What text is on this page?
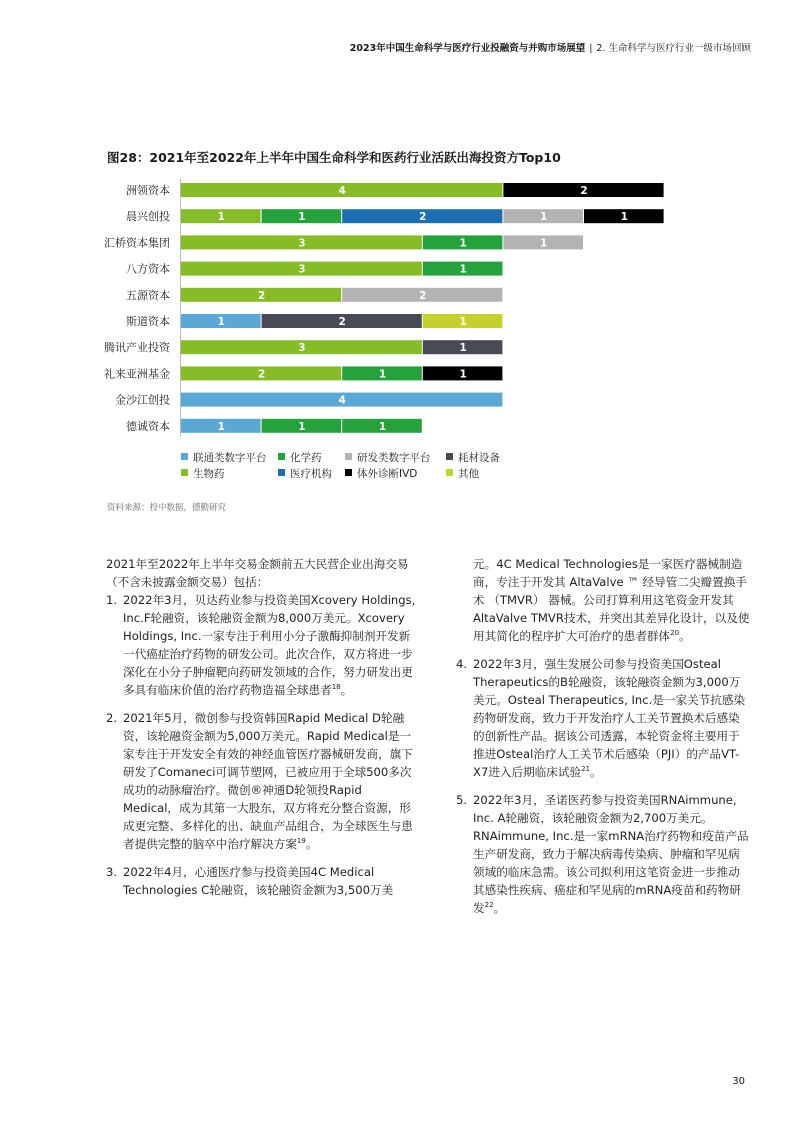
2023年中国生命科学与医疗行业投融资与并购市场展望 | 2. 生命科学与医疗行业一级市场回顾
图28：2021年至2022年上半年中国生命科学和医药行业活跃出海投资方Top10
洲领资本	4	2
晨兴创投	1	1	2	1	1
汇桥资本集团	3	1	1
八方资本	3	1
五源资本	2	2
斯道资本	1	2	1
腾讯产业投资	3	1
礼来亚洲基金	2	1	1
金沙江创投	4
德诚资本	1	1	1
联通类数字平台 化学药	研发类数字平台	耗材设备
生物药	医疗机构 体外诊断IVD	其他
资料来源：投中数据，德勤研究

2021年至2022年上半年交易金额前五大民营企业出海交易（不含未披露金额交易）包括：

1. 2022年3月，贝达药业参与投资美国Xcovery Holdings, Inc.F轮融资，该轮融资金额为8,000万美元。Xcovery Holdings, Inc.一家专注于利用小分子激酶抑制剂开发新一代癌症治疗药物的研发公司。此次合作，双方将进一步深化在小分子肿瘤靶向药研发领域的合作，努力研发出更多具有临床价值的治疗药物造福全球患者$^{18}$。
2. 2021年5月，微创参与投资韩国Rapid Medical D轮融资，该轮融资金额为5,000万美元。Rapid Medical是一家专注于开发安全有效的神经血管医疗器械研发商，旗下研发了Comaneci可调节塑网，已被应用于全球500多次成功的动脉瘤治疗。微创®神通D轮领投Rapid Medical，成为其第一大股东，双方将充分整合资源，形成更完整、多样化的出、缺血产品组合，为全球医生与患者提供完整的脑卒中治疗解决方案$^{19}$。
3. 2022年4月，心通医疗参与投资美国4C Medical Technologies C轮融资，该轮融资金额为3,500万美
元。4C Medical Technologies是一家医疗器械制造商，专注于开发其 AltaValve ™ 经导管二尖瓣置换手术 （TMVR） 器械。公司打算利用这笔资金开发其AltaValve TMVR技术，并突出其差异化设计，以及使用其简化的程序扩大可治疗的患者群体$^{20}$。
4. 2022年3月，强生发展公司参与投资美国Osteal Therapeutics的B轮融资，该轮融资金额为3,000万美元。Osteal Therapeutics, Inc.是一家关节抗感染药物研发商，致力于开发治疗人工关节置换术后感染的创新性产品。据该公司透露，本轮资金将主要用于推进Osteal治疗人工关节术后感染（PJI）的产品VT-X7进入后期临床试验$^{21}$。
5. 2022年3月，圣诺医药参与投资美国RNAimmune, Inc. A轮融资，该轮融资金额为2,700万美元。RNAimmune, Inc.是一家mRNA治疗药物和疫苗产品生产研发商，致力于解决病毒传染病、肿瘤和罕见病领域的临床急需。该公司拟利用这笔资金进一步推动其感染性疾病、癌症和罕见病的mRNA疫苗和药物研发$^{22}$。
30
